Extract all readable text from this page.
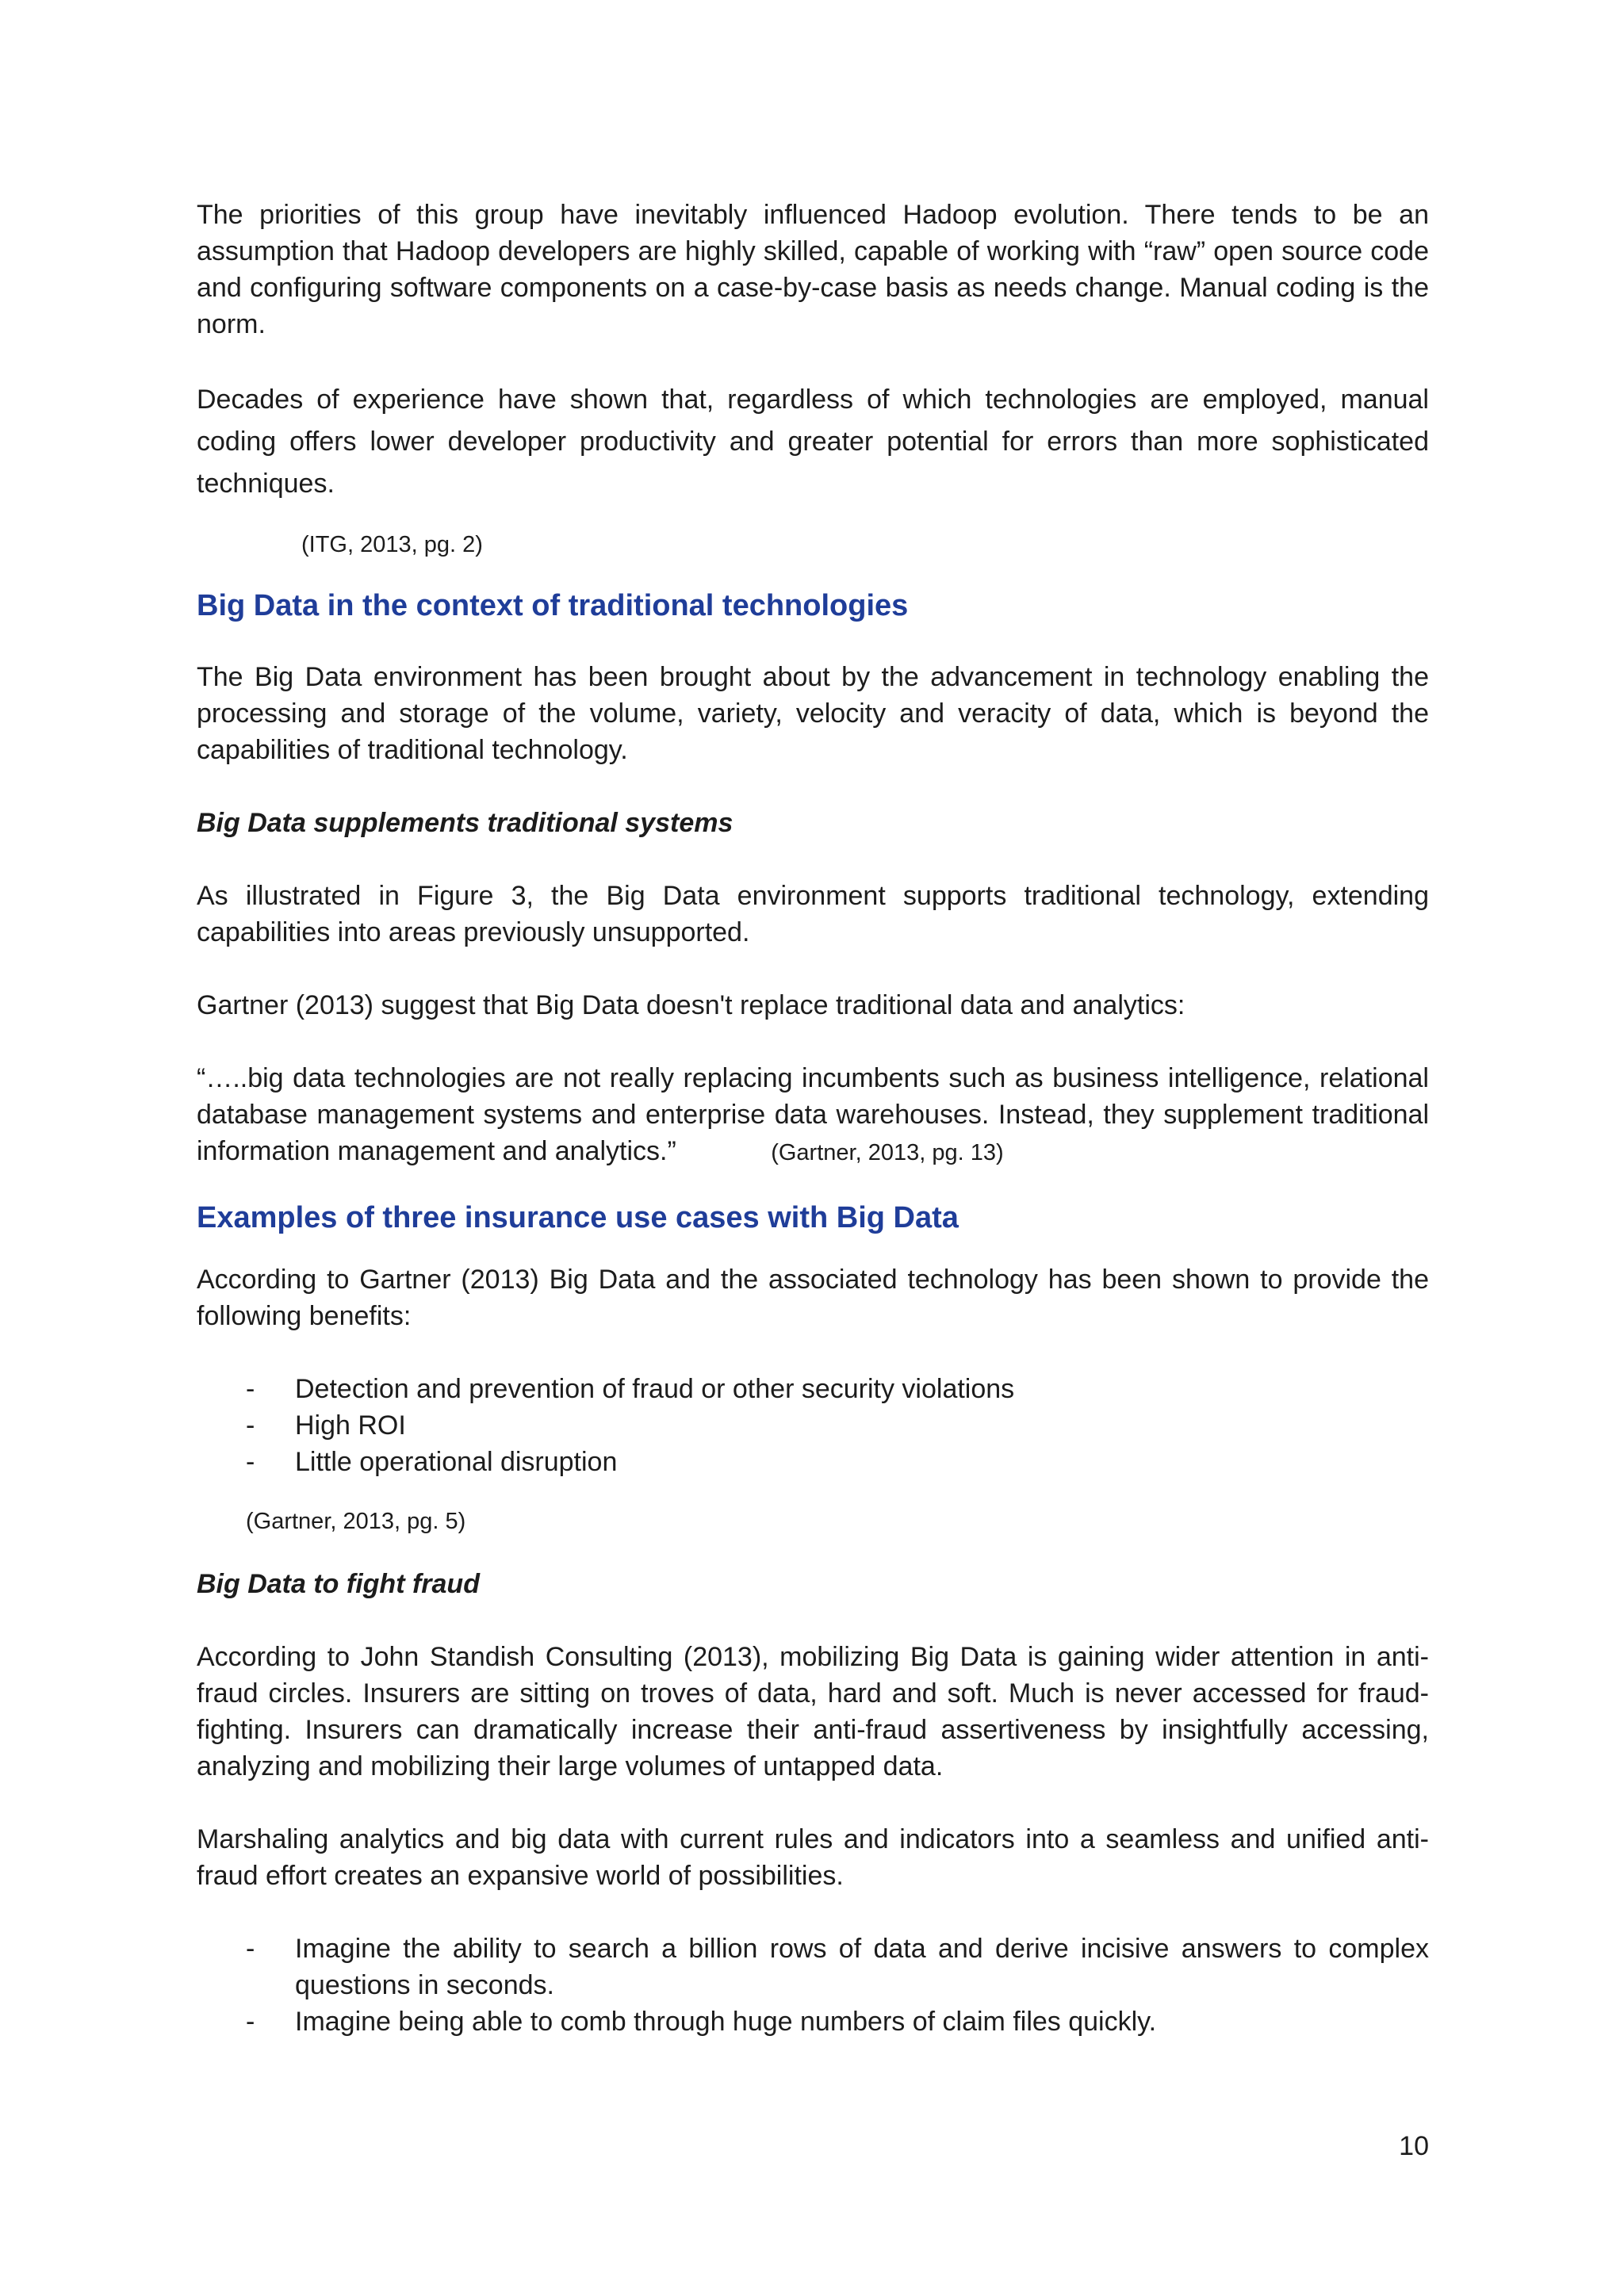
The priorities of this group have inevitably influenced Hadoop evolution. There tends to be an assumption that Hadoop developers are highly skilled, capable of working with “raw” open source code and configuring software components on a case-by-case basis as needs change. Manual coding is the norm.

Decades of experience have shown that, regardless of which technologies are employed, manual coding offers lower developer productivity and greater potential for errors than more sophisticated techniques.

(ITG, 2013, pg. 2)
Big Data in the context of traditional technologies

The Big Data environment has been brought about by the advancement in technology enabling the processing and storage of the volume, variety, velocity and veracity of data, which is beyond the capabilities of traditional technology.

Big Data supplements traditional systems

As illustrated in Figure 3, the Big Data environment supports traditional technology, extending capabilities into areas previously unsupported.

Gartner (2013) suggest that Big Data doesn't replace traditional data and analytics:

“…..big data technologies are not really replacing incumbents such as business intelligence, relational database management systems and enterprise data warehouses. Instead, they supplement traditional information management and analytics.”	(Gartner, 2013, pg. 13)

Examples of three insurance use cases with Big Data

According to Gartner (2013) Big Data and the associated technology has been shown to provide the following benefits:

- Detection and prevention of fraud or other security violations
- High ROI
- Little operational disruption
(Gartner, 2013, pg. 5)
Big Data to fight fraud

According to John Standish Consulting (2013), mobilizing Big Data is gaining wider attention in anti-fraud circles. Insurers are sitting on troves of data, hard and soft. Much is never accessed for fraud-fighting. Insurers can dramatically increase their anti-fraud assertiveness by insightfully accessing, analyzing and mobilizing their large volumes of untapped data.

Marshaling analytics and big data with current rules and indicators into a seamless and unified anti-fraud effort creates an expansive world of possibilities.

- Imagine the ability to search a billion rows of data and derive incisive answers to complex questions in seconds.
- Imagine being able to comb through huge numbers of claim files quickly.
10
